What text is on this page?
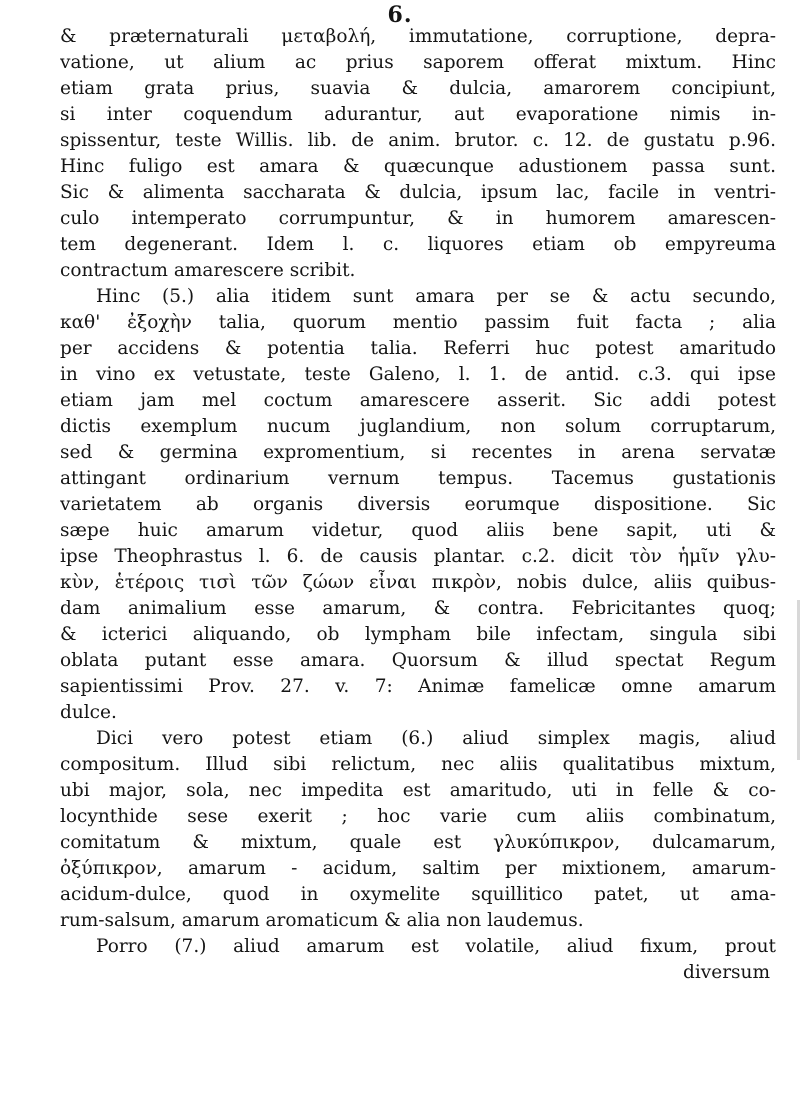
6.
& præternaturali μεταβολή, immutatione, corruptione, depra-
vatione, ut alium ac prius saporem offerat mixtum. Hinc
etiam grata prius, suavia & dulcia, amarorem concipiunt,
si inter coquendum adurantur, aut evaporatione nimis in-
spissentur, teste Willis. lib. de anim. brutor. c. 12. de gustatu p.96.
Hinc fuligo est amara & quæcunque adustionem passa sunt.
Sic & alimenta saccharata & dulcia, ipsum lac, facile in ventri-
culo intemperato corrumpuntur, & in humorem amarescen-
tem degenerant. Idem l. c. liquores etiam ob empyreuma
contractum amarescere scribit.
Hinc (5.) alia itidem sunt amara per se & actu secundo,
καθ' ἐξοχὴν talia, quorum mentio passim fuit facta ; alia
per accidens & potentia talia. Referri huc potest amaritudo
in vino ex vetustate, teste Galeno, l. 1. de antid. c.3. qui ipse
etiam jam mel coctum amarescere asserit. Sic addi potest
dictis exemplum nucum juglandium, non solum corruptarum,
sed & germina expromentium, si recentes in arena servatæ
attingant ordinarium vernum tempus. Tacemus gustationis
varietatem ab organis diversis eorumque dispositione. Sic
sæpe huic amarum videtur, quod aliis bene sapit, uti &
ipse Theophrastus l. 6. de causis plantar. c.2. dicit τὸν ἡμῖν γλυ-
κὺν, ἑτέροις τισὶ τῶν ζώων εἶναι πικρὸν, nobis dulce, aliis quibus-
dam animalium esse amarum, & contra. Febricitantes quoq;
& icterici aliquando, ob lympham bile infectam, singula sibi
oblata putant esse amara. Quorsum & illud spectat Regum
sapientissimi Prov. 27. v. 7: Animæ famelicæ omne amarum
dulce.
Dici vero potest etiam (6.) aliud simplex magis, aliud
compositum. Illud sibi relictum, nec aliis qualitatibus mixtum,
ubi major, sola, nec impedita est amaritudo, uti in felle & co-
locynthide sese exerit ; hoc varie cum aliis combinatum,
comitatum & mixtum, quale est γλυκύπικρον, dulcamarum,
ὀξύπικρον, amarum - acidum, saltim per mixtionem, amarum-
acidum-dulce, quod in oxymelite squillitico patet, ut ama-
rum-salsum, amarum aromaticum & alia non laudemus.
Porro (7.) aliud amarum est volatile, aliud fixum, prout
diversum
